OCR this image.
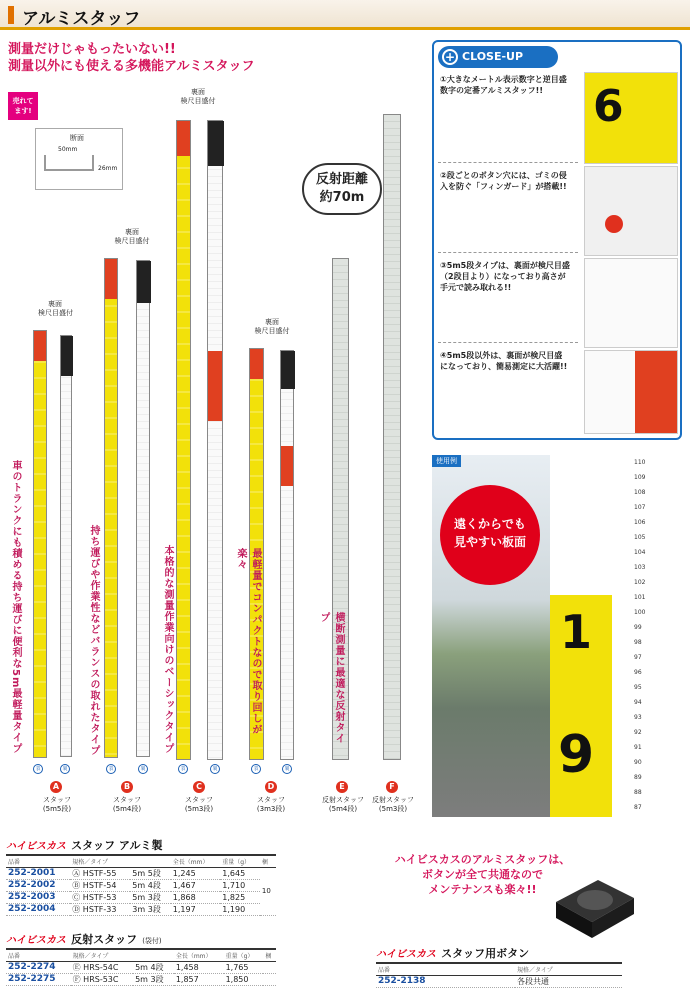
アルミスタッフ
測量だけじゃもったいない!!
測量以外にも使える多機能アルミスタッフ
売れて
ます!
断面
50mm
26mm
裏面
検尺目盛付
車のトランクにも積める持ち運びに便利な5m最軽量タイプ
表	裏
A
スタッフ
(5m5段)
裏面
検尺目盛付
持ち運びや作業性などバランスの取れたタイプ
表	裏
B
スタッフ
(5m4段)
裏面
検尺目盛付
本格的な測量作業向けのベーシックタイプ
表	裏
C
スタッフ
(5m3段)
裏面
検尺目盛付
最軽量でコンパクトなので取り回しが楽々
表	裏
D
スタッフ
(3m3段)
反射距離
約70m
横断測量に最適な反射タイプ
E
反射スタッフ
(5m4段)
F
反射スタッフ
(5m3段)
+ CLOSE-UP
①大きなメートル表示数字と逆目盛数字の定番アルミスタッフ!!	6
②段ごとのボタン穴には、ゴミの侵入を防ぐ「フィンガード」が搭載!!
③5m5段タイプは、裏面が検尺目盛（2段目より）になっており高さが手元で読み取れる!!
④5m5段以外は、裏面が検尺目盛になっており、簡易測定に大活躍!!
1
9
110
109
108
107
106
105
104
103
102
101
100
99
98
97
96
95
94
93
92
91
90
89
88
87
使用例
遠くからでも
見やすい板面
ハイビスカス スタッフ アルミ製
品番	規格／タイプ		全長（mm）	重量（g）	梱
252-2001	Ⓐ HSTF-55	5m 5段	1,245	1,645	10
252-2002	Ⓑ HSTF-54	5m 4段	1,467	1,710	
252-2003	Ⓒ HSTF-53	5m 3段	1,868	1,825	
252-2004	Ⓓ HSTF-33	3m 3段	1,197	1,190	
ハイビスカス 反射スタッフ (袋付)
品番	規格／タイプ		全長（mm）	重量（g）	梱
252-2274	Ⓔ HRS-54C	5m 4段	1,458	1,765	
252-2275	Ⓕ HRS-53C	5m 3段	1,857	1,850	
ハイビスカスのアルミスタッフは、
ボタンが全て共通なので
メンテナンスも楽々!!
ハイビスカス スタッフ用ボタン
品番	規格／タイプ
252-2138	各段共通
